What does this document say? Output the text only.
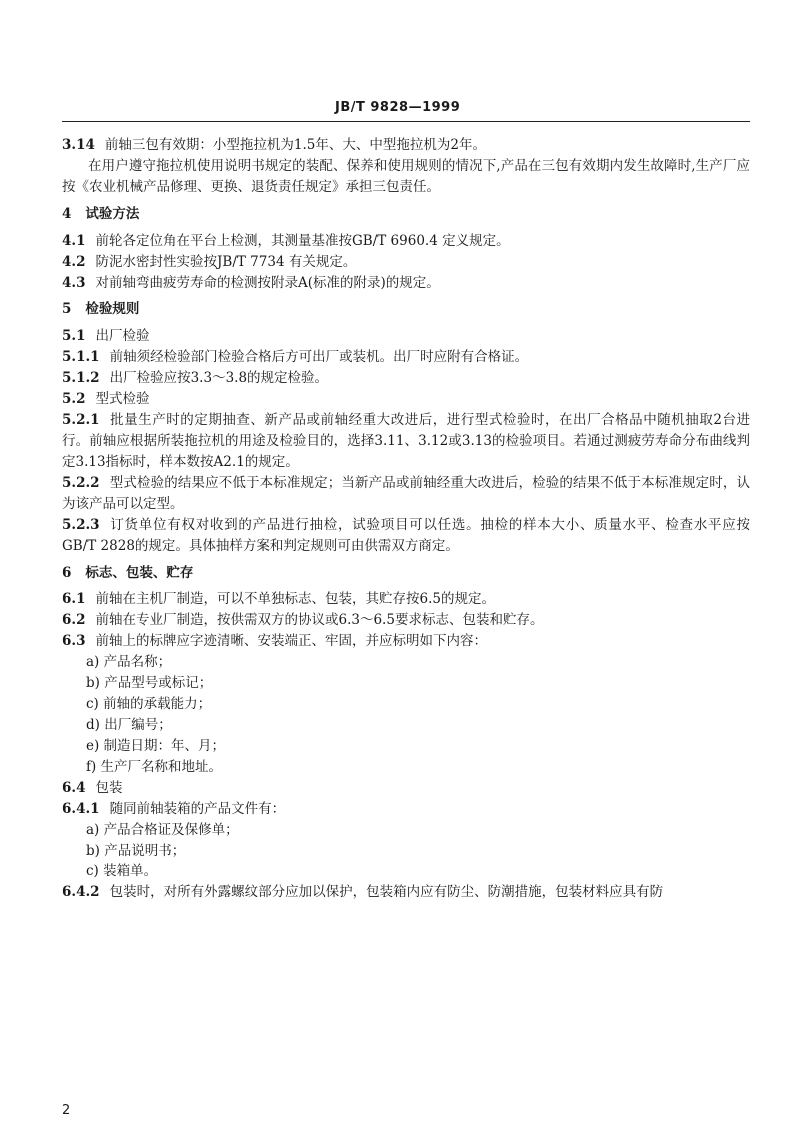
JB/T 9828—1999

3.14 前轴三包有效期：小型拖拉机为1.5年、大、中型拖拉机为2年。

在用户遵守拖拉机使用说明书规定的装配、保养和使用规则的情况下,产品在三包有效期内发生故障时,生产厂应按《农业机械产品修理、更换、退货责任规定》承担三包责任。

4 试验方法

4.1 前轮各定位角在平台上检测，其测量基准按GB/T 6960.4 定义规定。

4.2 防泥水密封性实验按JB/T 7734 有关规定。

4.3 对前轴弯曲疲劳寿命的检测按附录A(标准的附录)的规定。

5 检验规则

5.1 出厂检验

5.1.1 前轴须经检验部门检验合格后方可出厂或装机。出厂时应附有合格证。

5.1.2 出厂检验应按3.3～3.8的规定检验。

5.2 型式检验

5.2.1 批量生产时的定期抽查、新产品或前轴经重大改进后，进行型式检验时，在出厂合格品中随机抽取2台进行。前轴应根据所装拖拉机的用途及检验目的，选择3.11、3.12或3.13的检验项目。若通过测疲劳寿命分布曲线判定3.13指标时，样本数按A2.1的规定。

5.2.2 型式检验的结果应不低于本标准规定；当新产品或前轴经重大改进后，检验的结果不低于本标准规定时，认为该产品可以定型。

5.2.3 订货单位有权对收到的产品进行抽检，试验项目可以任选。抽检的样本大小、质量水平、检查水平应按GB/T 2828的规定。具体抽样方案和判定规则可由供需双方商定。

6 标志、包装、贮存

6.1 前轴在主机厂制造，可以不单独标志、包装，其贮存按6.5的规定。

6.2 前轴在专业厂制造，按供需双方的协议或6.3～6.5要求标志、包装和贮存。

6.3 前轴上的标牌应字迹清晰、安装端正、牢固，并应标明如下内容：

a) 产品名称；

b) 产品型号或标记；

c) 前轴的承载能力；

d) 出厂编号；

e) 制造日期：年、月；

f) 生产厂名称和地址。

6.4 包装

6.4.1 随同前轴装箱的产品文件有：

a) 产品合格证及保修单；

b) 产品说明书；

c) 装箱单。

6.4.2 包装时，对所有外露螺纹部分应加以保护，包装箱内应有防尘、防潮措施，包装材料应具有防

2
